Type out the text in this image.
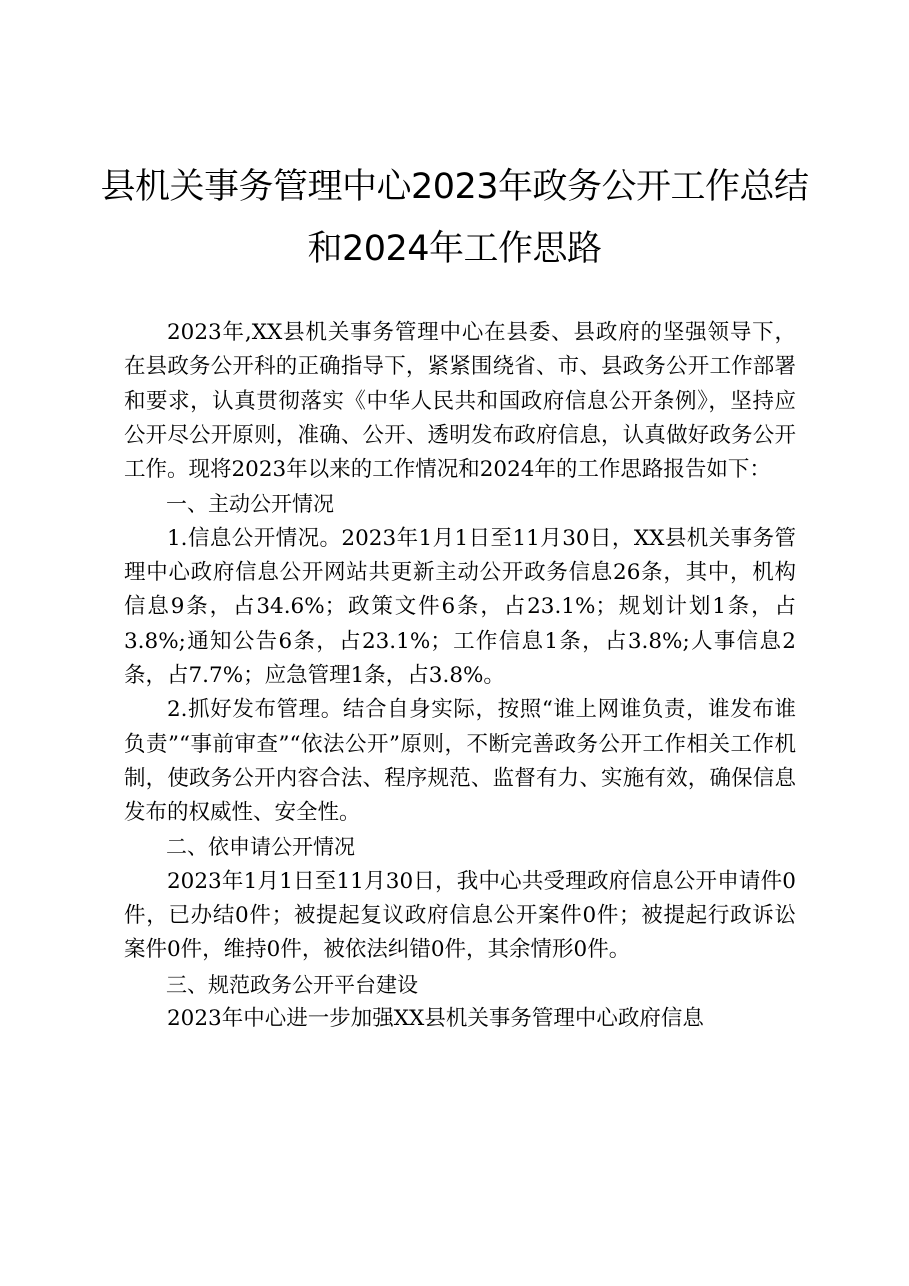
县机关事务管理中心2023年政务公开工作总结和2024年工作思路

2023年,XX县机关事务管理中心在县委、县政府的坚强领导下，在县政务公开科的正确指导下，紧紧围绕省、市、县政务公开工作部署和要求，认真贯彻落实《中华人民共和国政府信息公开条例》，坚持应公开尽公开原则，准确、公开、透明发布政府信息，认真做好政务公开工作。现将2023年以来的工作情况和2024年的工作思路报告如下：

一、主动公开情况

1.信息公开情况。2023年1月1日至11月30日，XX县机关事务管理中心政府信息公开网站共更新主动公开政务信息26条，其中，机构信息9条，占34.6%；政策文件6条，占23.1%；规划计划1条，占3.8%;通知公告6条，占23.1%；工作信息1条，占3.8%;人事信息2条，占7.7%；应急管理1条，占3.8%。

2.抓好发布管理。结合自身实际，按照“谁上网谁负责，谁发布谁负责”“事前审查”“依法公开”原则，不断完善政务公开工作相关工作机制，使政务公开内容合法、程序规范、监督有力、实施有效，确保信息发布的权威性、安全性。

二、依申请公开情况

2023年1月1日至11月30日，我中心共受理政府信息公开申请件0件，已办结0件；被提起复议政府信息公开案件0件；被提起行政诉讼案件0件，维持0件，被依法纠错0件，其余情形0件。

三、规范政务公开平台建设

2023年中心进一步加强XX县机关事务管理中心政府信息
